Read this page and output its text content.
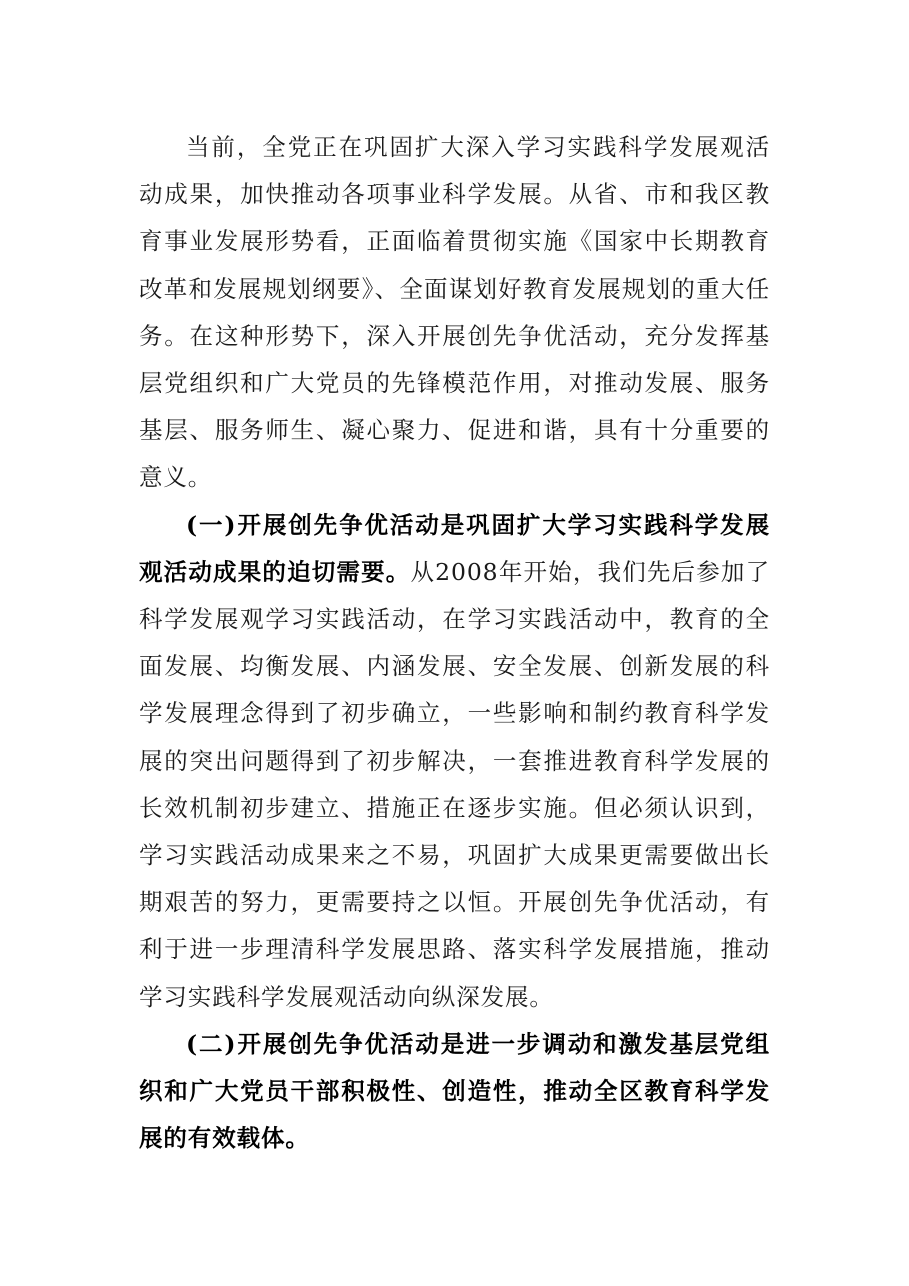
当前，全党正在巩固扩大深入学习实践科学发展观活动成果，加快推动各项事业科学发展。从省、市和我区教育事业发展形势看，正面临着贯彻实施《国家中长期教育改革和发展规划纲要》、全面谋划好教育发展规划的重大任务。在这种形势下，深入开展创先争优活动，充分发挥基层党组织和广大党员的先锋模范作用，对推动发展、服务基层、服务师生、凝心聚力、促进和谐，具有十分重要的意义。

(一)开展创先争优活动是巩固扩大学习实践科学发展观活动成果的迫切需要。从2008年开始，我们先后参加了科学发展观学习实践活动，在学习实践活动中，教育的全面发展、均衡发展、内涵发展、安全发展、创新发展的科学发展理念得到了初步确立，一些影响和制约教育科学发展的突出问题得到了初步解决，一套推进教育科学发展的长效机制初步建立、措施正在逐步实施。但必须认识到，学习实践活动成果来之不易，巩固扩大成果更需要做出长期艰苦的努力，更需要持之以恒。开展创先争优活动，有利于进一步理清科学发展思路、落实科学发展措施，推动学习实践科学发展观活动向纵深发展。

(二)开展创先争优活动是进一步调动和激发基层党组织和广大党员干部积极性、创造性，推动全区教育科学发展的有效载体。
